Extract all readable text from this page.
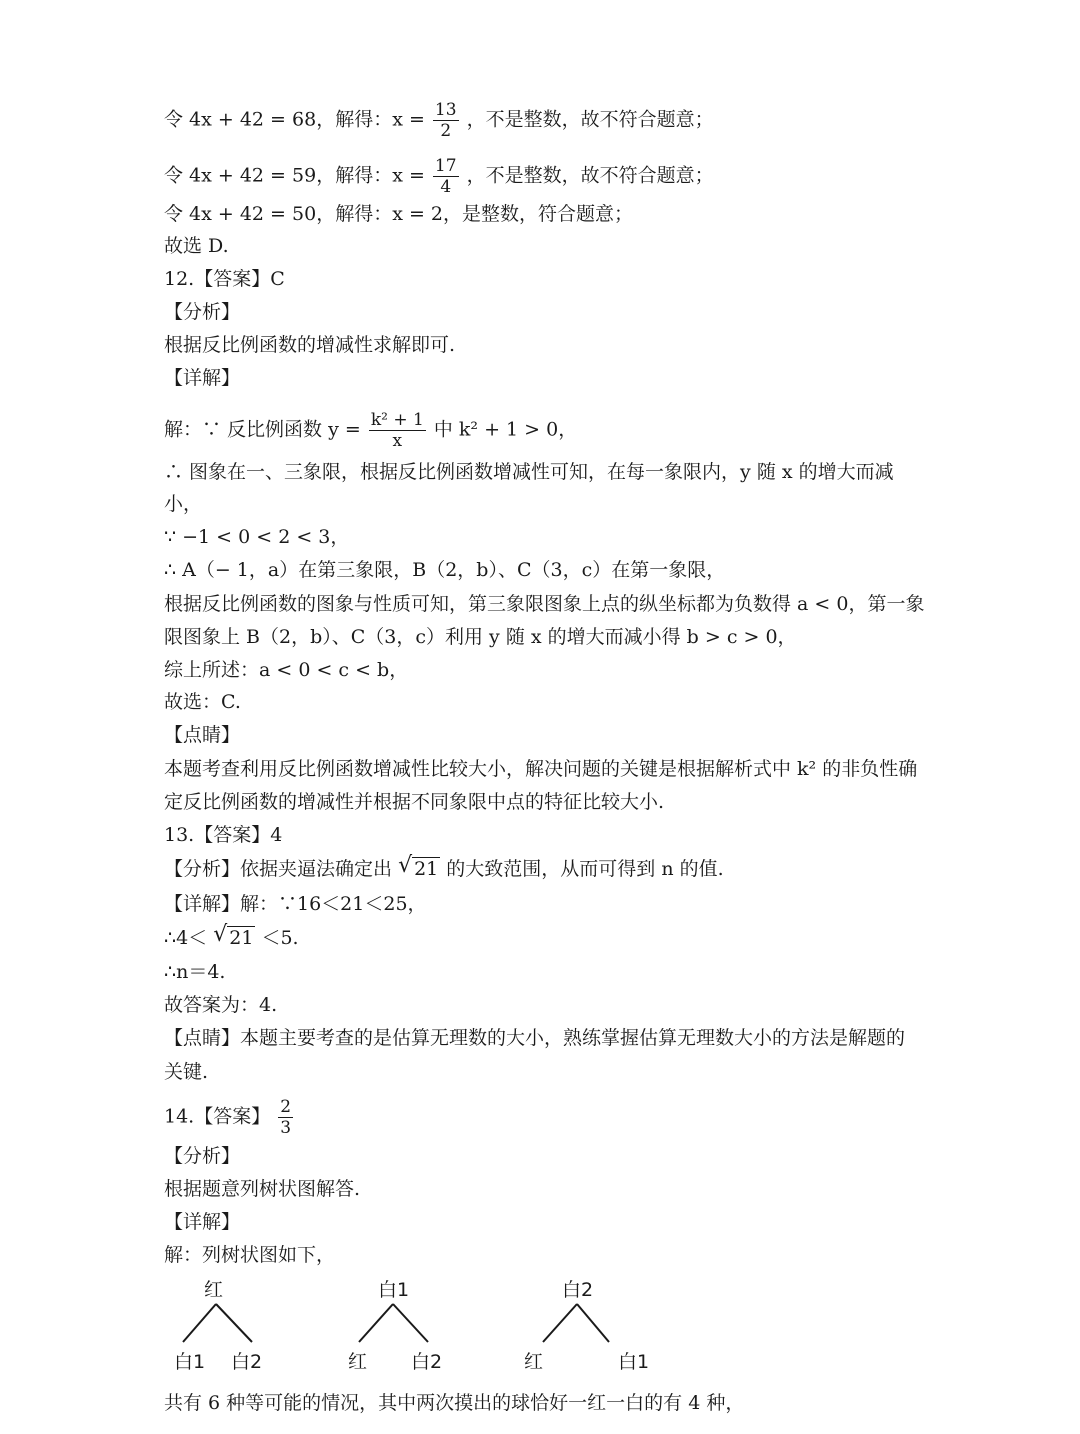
令 4x + 42 = 68，解得：$x = \frac{13}{2}$ ，不是整数，故不符合题意；
令 4x + 42 = 59，解得：$x = \frac{17}{4}$ ，不是整数，故不符合题意；
令 4x + 42 = 50，解得：x = 2，是整数，符合题意；
故选 D.
12.【答案】C
【分析】
根据反比例函数的增减性求解即可.
【详解】
解：∵ 反比例函数 $y = \frac{\text{k² + 1}}{x}$ 中 k² + 1 > 0，
∴ 图象在一、三象限，根据反比例函数增减性可知，在每一象限内，y 随 x 的增大而减
小，
∵ −1 < 0 < 2 < 3，
∴ A（− 1，a）在第三象限，B（2，b）、C（3，c）在第一象限，
根据反比例函数的图象与性质可知，第三象限图象上点的纵坐标都为负数得 a < 0，第一象
限图象上 B（2，b）、C（3，c）利用 y 随 x 的增大而减小得 b > c > 0，
综上所述：a < 0 < c < b，
故选：C.
【点睛】
本题考查利用反比例函数增减性比较大小，解决问题的关键是根据解析式中 k² 的非负性确
定反比例函数的增减性并根据不同象限中点的特征比较大小.
13.【答案】4
【分析】依据夹逼法确定出 √ 21 的大致范围，从而可得到 n 的值.
【详解】解：∵16＜21＜25，
∴4＜ √ 21 ＜5.
∴n＝4.
故答案为：4.
【点睛】本题主要考查的是估算无理数的大小，熟练掌握估算无理数大小的方法是解题的
关键.
14.【答案】 $\frac{2}{3}$
【分析】
根据题意列树状图解答.
【详解】
解：列树状图如下，
红
白1 白2
白1
红 白2
白2
红	白1
共有 6 种等可能的情况，其中两次摸出的球恰好一红一白的有 4 种，
